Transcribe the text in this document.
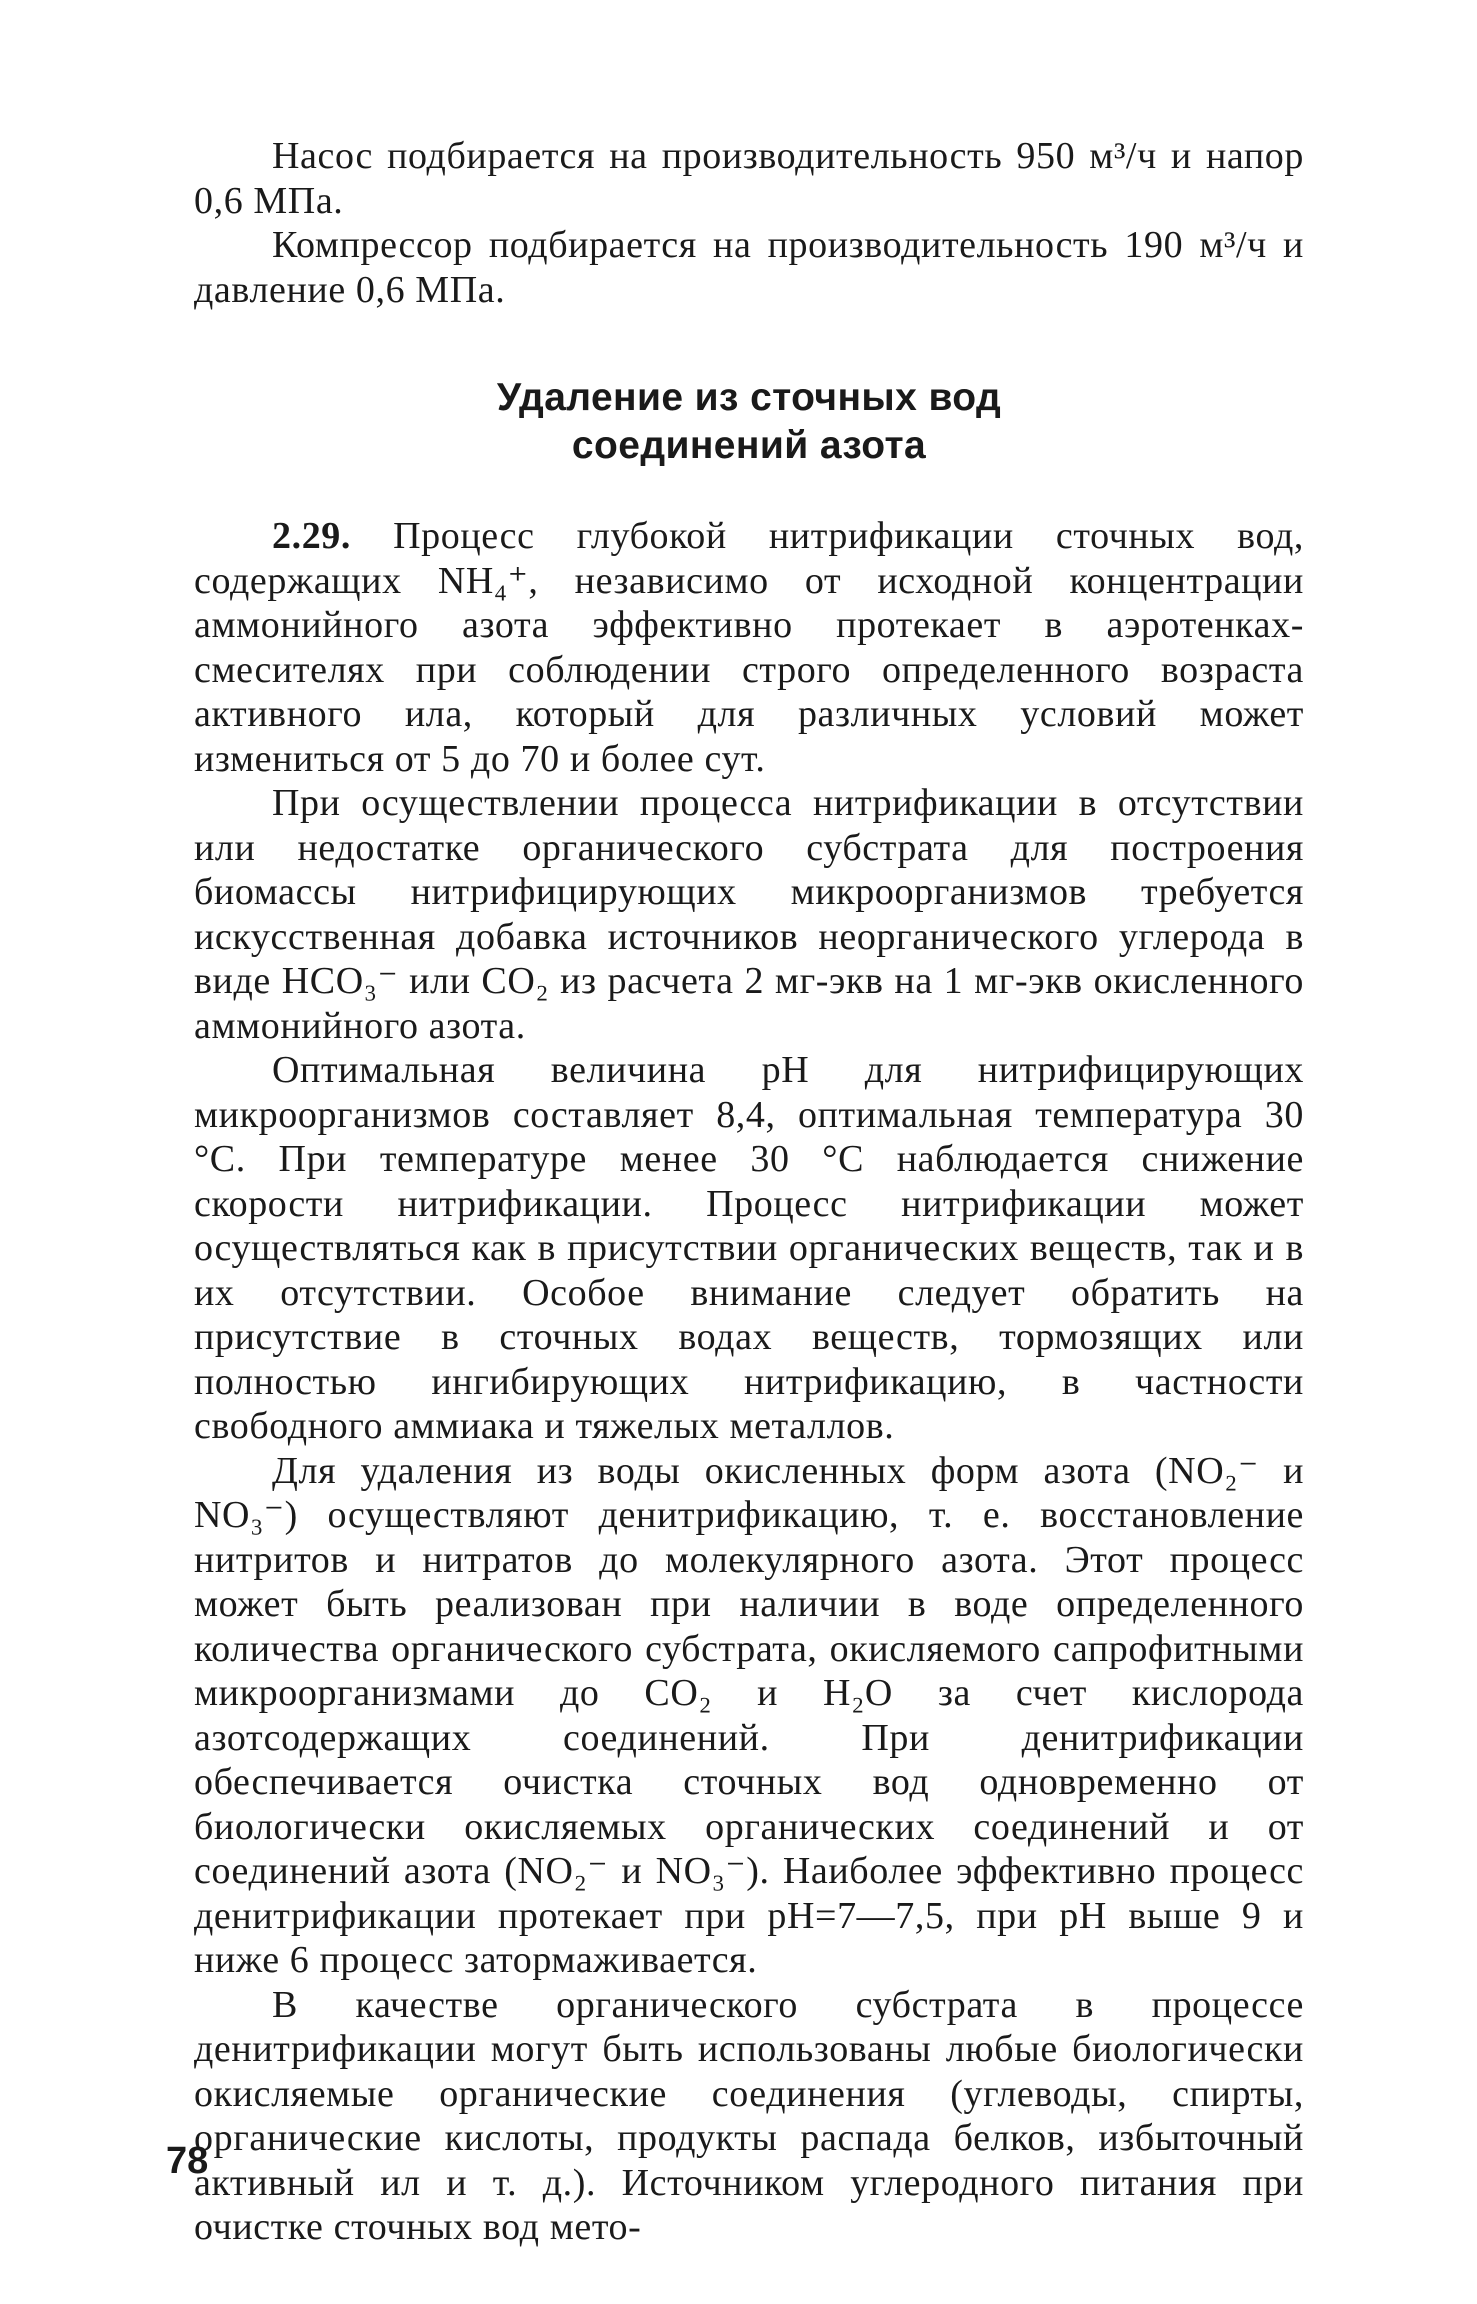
Насос подбирается на производительность 950 м³/ч и напор 0,6 МПа.

Компрессор подбирается на производительность 190 м³/ч и давление 0,6 МПа.

Удаление из сточных вод
соединений азота

2.29. Процесс глубокой нитрификации сточных вод, содержащих NH₄⁺, независимо от исходной концентрации аммонийного азота эффективно протекает в аэротенках-смесителях при соблюдении строго определенного возраста активного ила, который для различных условий может измениться от 5 до 70 и более сут.

При осуществлении процесса нитрификации в отсутствии или недостатке органического субстрата для построения биомассы нитрифицирующих микроорганизмов требуется искусственная добавка источников неорганического углерода в виде HCO₃⁻ или CO₂ из расчета 2 мг-экв на 1 мг-экв окисленного аммонийного азота.

Оптимальная величина pH для нитрифицирующих микроорганизмов составляет 8,4, оптимальная температура 30 °С. При температуре менее 30 °С наблюдается снижение скорости нитрификации. Процесс нитрификации может осуществляться как в присутствии органических веществ, так и в их отсутствии. Особое внимание следует обратить на присутствие в сточных водах веществ, тормозящих или полностью ингибирующих нитрификацию, в частности свободного аммиака и тяжелых металлов.

Для удаления из воды окисленных форм азота (NO₂⁻ и NO₃⁻) осуществляют денитрификацию, т. е. восстановление нитритов и нитратов до молекулярного азота. Этот процесс может быть реализован при наличии в воде определенного количества органического субстрата, окисляемого сапрофитными микроорганизмами до CO₂ и H₂O за счет кислорода азотсодержащих соединений. При денитрификации обеспечивается очистка сточных вод одновременно от биологически окисляемых органических соединений и от соединений азота (NO₂⁻ и NO₃⁻). Наиболее эффективно процесс денитрификации протекает при pH=7—7,5, при pH выше 9 и ниже 6 процесс затормаживается.

В качестве органического субстрата в процессе денитрификации могут быть использованы любые биологически окисляемые органические соединения (углеводы, спирты, органические кислоты, продукты распада белков, избыточный активный ил и т. д.). Источником углеродного питания при очистке сточных вод мето-

78
